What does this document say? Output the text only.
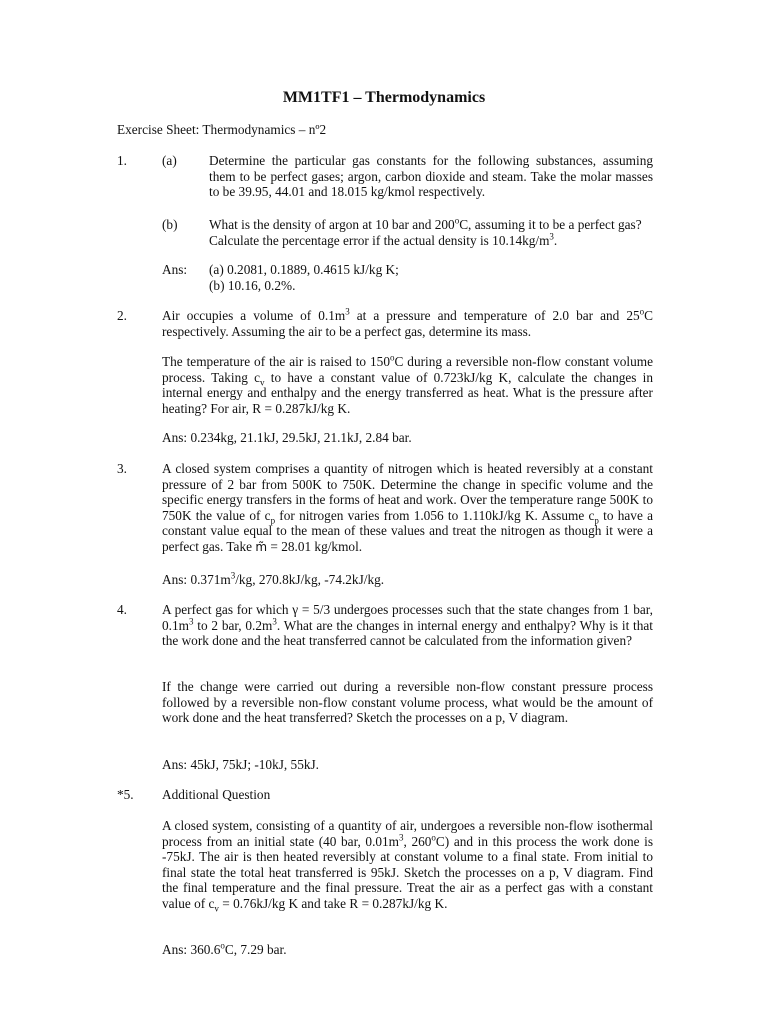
MM1TF1 – Thermodynamics
Exercise Sheet: Thermodynamics – nº2
1.	(a) Determine the particular gas constants for the following substances, assuming them to be perfect gases; argon, carbon dioxide and steam. Take the molar masses to be 39.95, 44.01 and 18.015 kg/kmol respectively.
(b) What is the density of argon at 10 bar and 200$^o$C, assuming it to be a perfect gas? Calculate the percentage error if the actual density is $10.14kg/m^3$.
Ans: (a) 0.2081, 0.1889, 0.4615 kJ/kg K;
(b) 10.16, 0.2%.
2.	Air occupies a volume of $0.1m^3$ at a pressure and temperature of 2.0 bar and 25$^o$C respectively. Assuming the air to be a perfect gas, determine its mass.
The temperature of the air is raised to 150$^o$C during a reversible non-flow constant volume process. Taking $c_v$ to have a constant value of 0.723kJ/kg K, calculate the changes in internal energy and enthalpy and the energy transferred as heat. What is the pressure after heating? For air, R = 0.287kJ/kg K.
Ans: 0.234kg, 21.1kJ, 29.5kJ, 21.1kJ, 2.84 bar.
3.	A closed system comprises a quantity of nitrogen which is heated reversibly at a constant pressure of 2 bar from 500K to 750K. Determine the change in specific volume and the specific energy transfers in the forms of heat and work. Over the temperature range 500K to 750K the value of $c_p$ for nitrogen varies from 1.056 to 1.110kJ/kg K. Assume $c_p$ to have a constant value equal to the mean of these values and treat the nitrogen as though it were a perfect gas. Take m̃ = 28.01 kg/kmol.
Ans: $0.371m^3/kg$, 270.8kJ/kg, -74.2kJ/kg.
4.	A perfect gas for which γ = 5/3 undergoes processes such that the state changes from 1 bar, $0.1m^3$ to 2 bar, $0.2m^3$. What are the changes in internal energy and enthalpy? Why is it that the work done and the heat transferred cannot be calculated from the information given?
If the change were carried out during a reversible non-flow constant pressure process followed by a reversible non-flow constant volume process, what would be the amount of work done and the heat transferred? Sketch the processes on a p, V diagram.
Ans: 45kJ, 75kJ; -10kJ, 55kJ.
*5. Additional Question
A closed system, consisting of a quantity of air, undergoes a reversible non-flow isothermal process from an initial state (40 bar, $0.01m^3$, 260$^o$C) and in this process the work done is -75kJ. The air is then heated reversibly at constant volume to a final state. From initial to final state the total heat transferred is 95kJ. Sketch the processes on a p, V diagram. Find the final temperature and the final pressure. Treat the air as a perfect gas with a constant value of $c_v = 0.76kJ/kg$ K and take R = 0.287kJ/kg K.
Ans: 360.6$^o$C, 7.29 bar.
